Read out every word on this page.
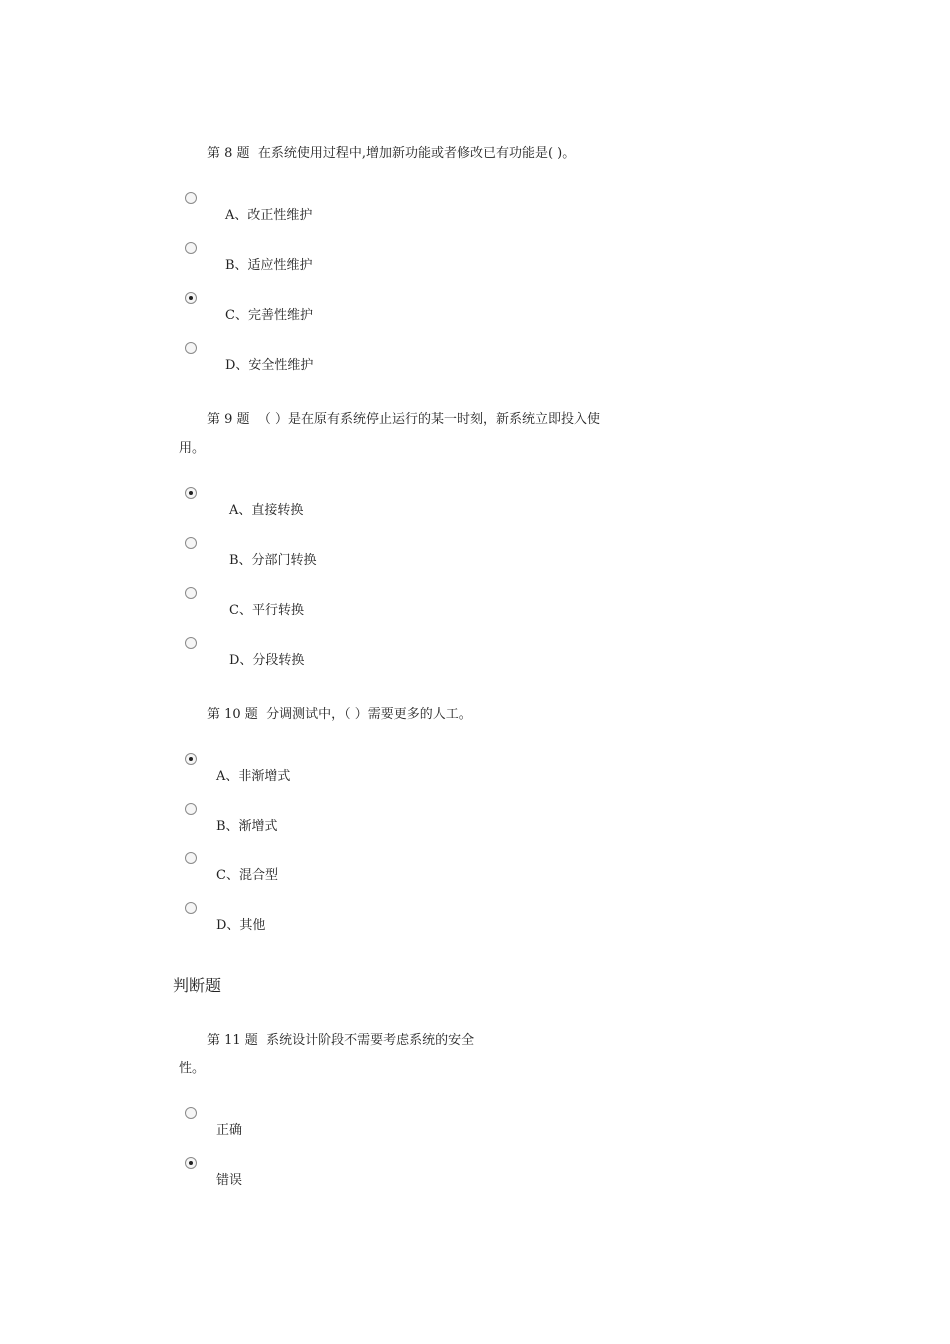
第 8 题 在系统使用过程中,增加新功能或者修改已有功能是( )。
A、改正性维护
B、适应性维护
C、完善性维护
D、安全性维护
第 9 题 （ ）是在原有系统停止运行的某一时刻，新系统立即投入使
用。
A、直接转换
B、分部门转换
C、平行转换
D、分段转换
第 10 题 分调测试中，（ ）需要更多的人工。
A、非渐增式
B、渐增式
C、混合型
D、其他
判断题
第 11 题 系统设计阶段不需要考虑系统的安全
性。
正确
错误
